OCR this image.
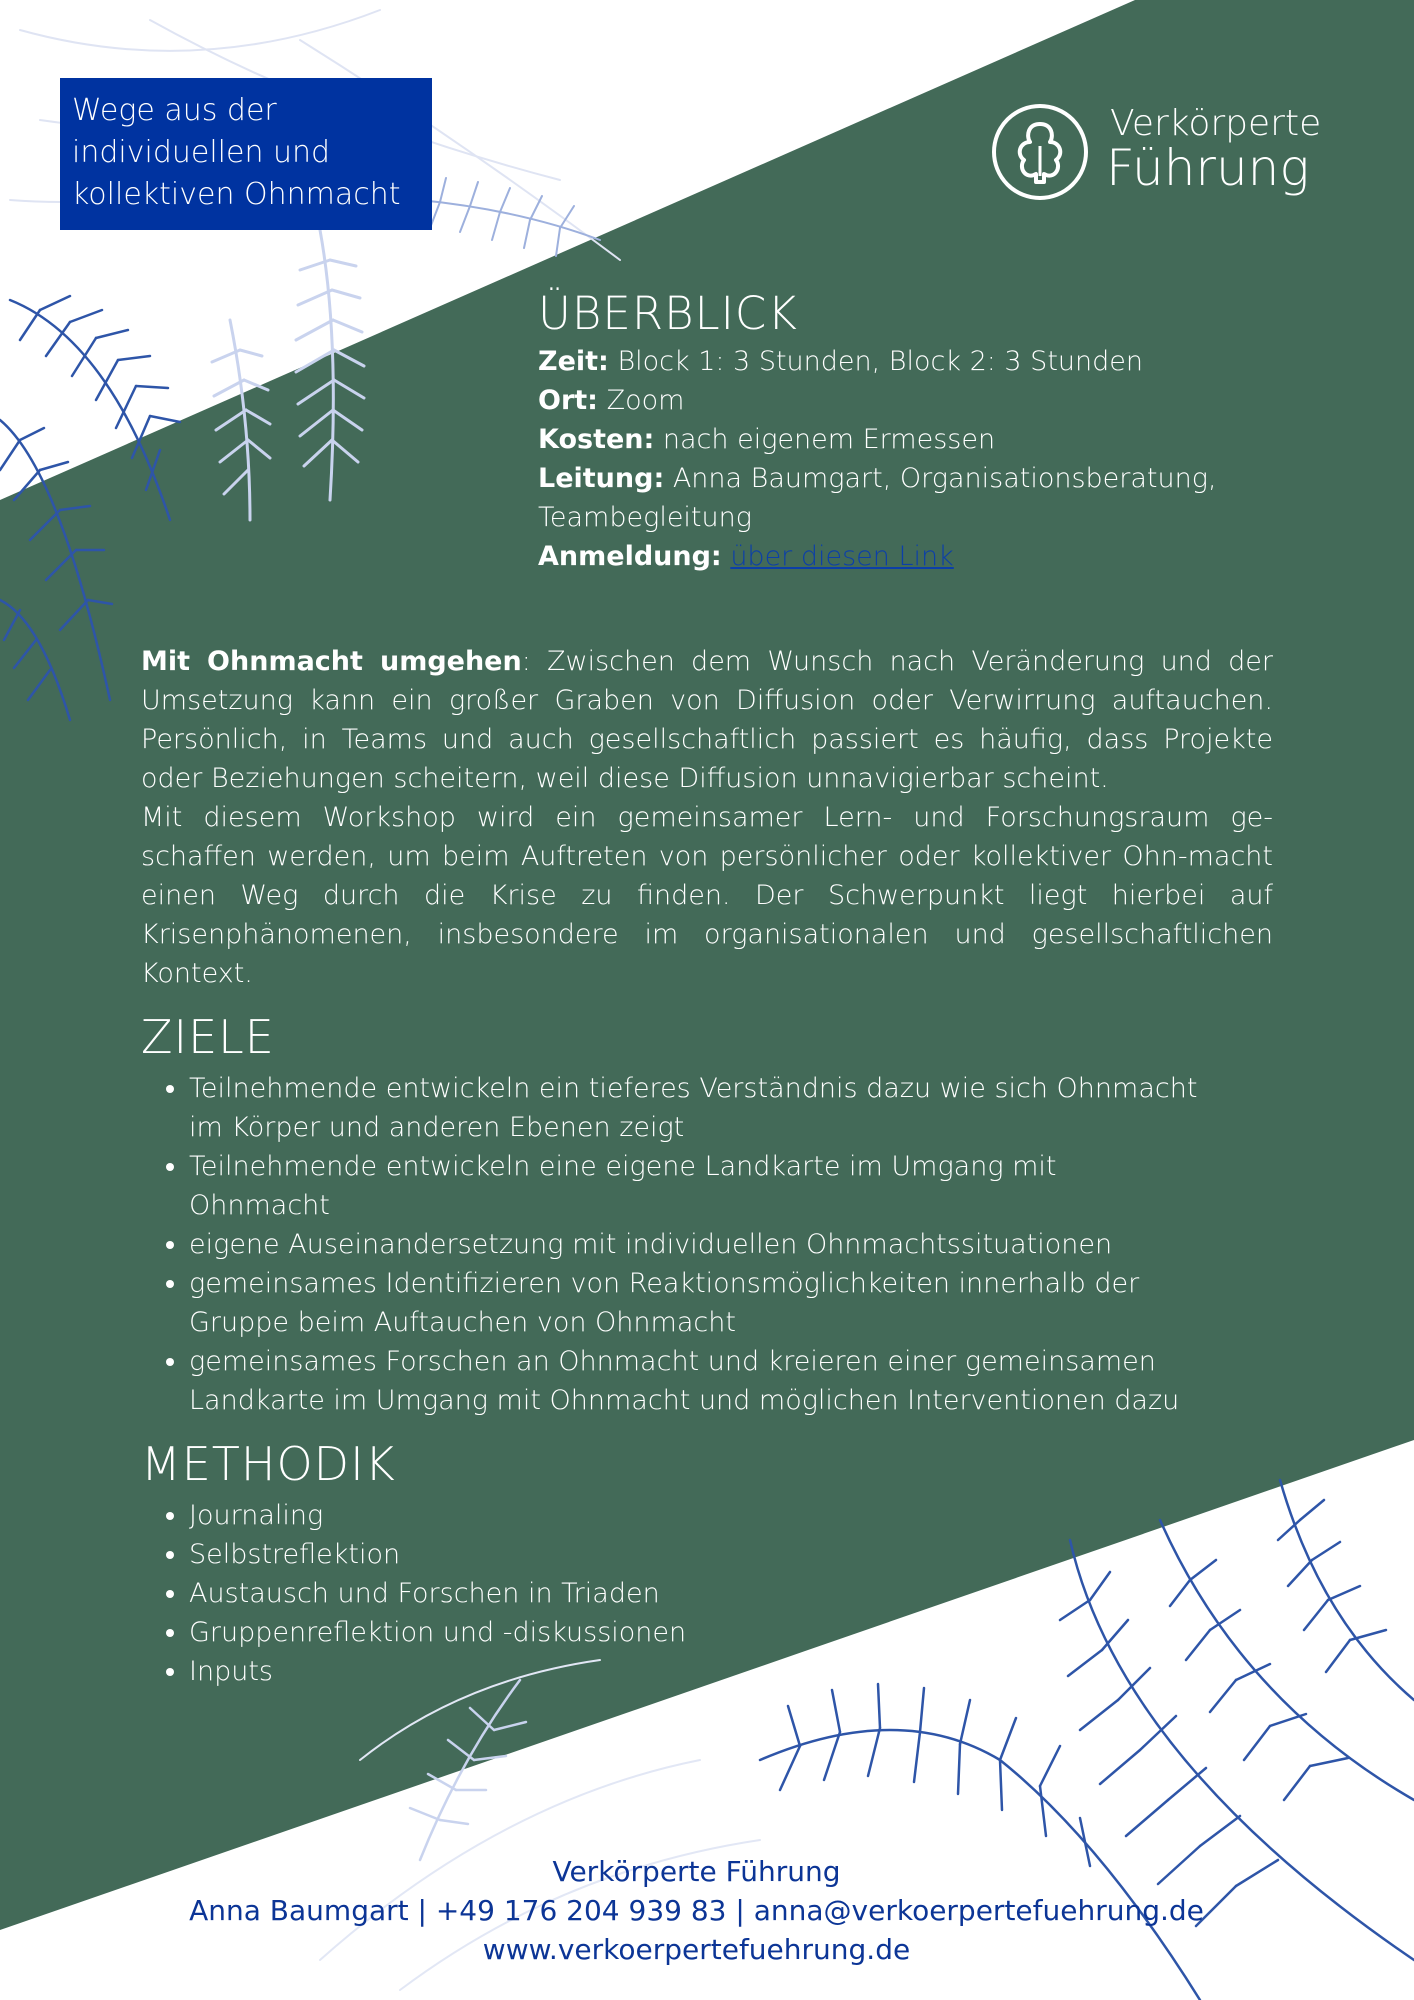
Wege aus der
individuellen und
kollektiven Ohnmacht
Verkörperte
Führung
ÜBERBLICK
Zeit: Block 1: 3 Stunden, Block 2: 3 Stunden
Ort: Zoom
Kosten: nach eigenem Ermessen
Leitung: Anna Baumgart, Organisationsberatung,
Teambegleitung
Anmeldung: über diesen Link

Mit Ohnmacht umgehen: Zwischen dem Wunsch nach Veränderung und der Umsetzung kann ein großer Graben von Diffusion oder Verwirrung auftauchen. Persönlich, in Teams und auch gesellschaftlich passiert es häufig, dass Projekte oder Beziehungen scheitern, weil diese Diffusion unnavigierbar scheint.

Mit diesem Workshop wird ein gemeinsamer Lern- und Forschungsraum ge-schaffen werden, um beim Auftreten von persönlicher oder kollektiver Ohn-macht einen Weg durch die Krise zu finden. Der Schwerpunkt liegt hierbei auf Krisenphänomenen, insbesondere im organisationalen und gesellschaftlichen Kontext.

ZIELE
• Teilnehmende entwickeln ein tieferes Verständnis dazu wie sich Ohnmacht
im Körper und anderen Ebenen zeigt
• Teilnehmende entwickeln eine eigene Landkarte im Umgang mit
Ohnmacht
• eigene Auseinandersetzung mit individuellen Ohnmachtssituationen
• gemeinsames Identifizieren von Reaktionsmöglichkeiten innerhalb der
Gruppe beim Auftauchen von Ohnmacht
• gemeinsames Forschen an Ohnmacht und kreieren einer gemeinsamen
Landkarte im Umgang mit Ohnmacht und möglichen Interventionen dazu
METHODIK
• Journaling
• Selbstreflektion
• Austausch und Forschen in Triaden
• Gruppenreflektion und -diskussionen
• Inputs
Verkörperte Führung
Anna Baumgart | +49 176 204 939 83 | anna@verkoerpertefuehrung.de
www.verkoerpertefuehrung.de
